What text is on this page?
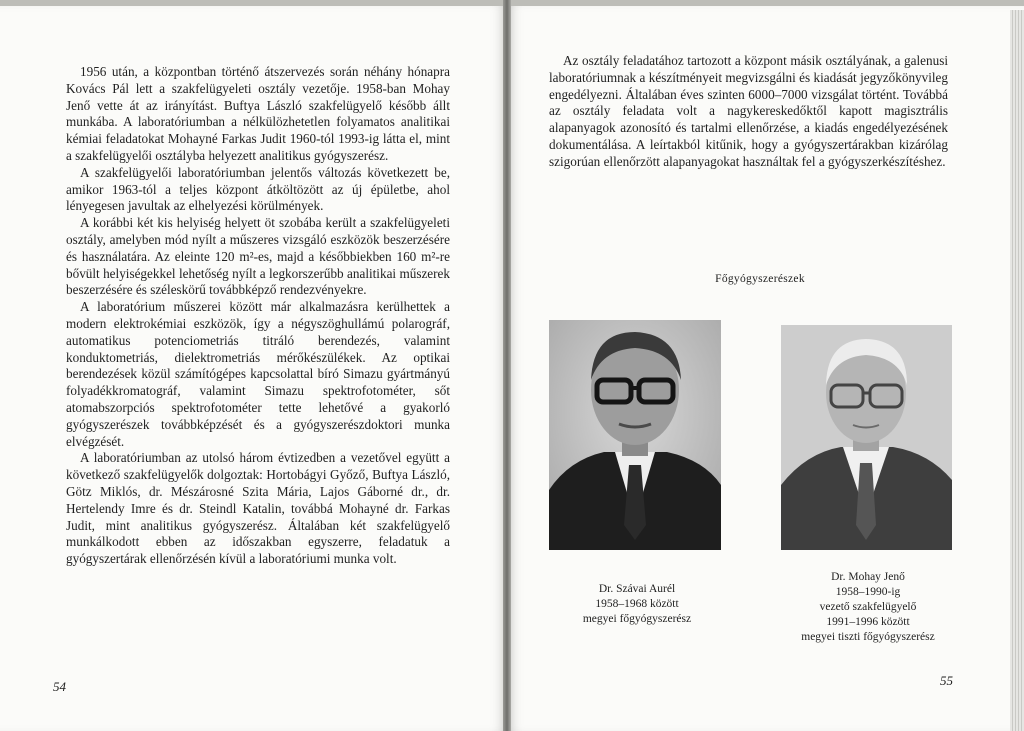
1956 után, a központban történő átszervezés során néhány hónapra Kovács Pál lett a szakfelügyeleti osztály vezetője. 1958-ban Mohay Jenő vette át az irányítást. Buftya László szakfelügyelő később állt munkába. A laboratóriumban a nélkülözhetetlen folyamatos analitikai kémiai feladatokat Mohayné Farkas Judit 1960-tól 1993-ig látta el, mint a szakfelügyelői osztályba helyezett analitikus gyógyszerész.

A szakfelügyelői laboratóriumban jelentős változás következett be, amikor 1963-tól a teljes központ átköltözött az új épületbe, ahol lényegesen javultak az elhelyezési körülmények.

A korábbi két kis helyiség helyett öt szobába került a szakfelügyeleti osztály, amelyben mód nyílt a műszeres vizsgáló eszközök beszerzésére és használatára. Az eleinte 120 m²-es, majd a későbbiekben 160 m²-re bővült helyiségekkel lehetőség nyílt a legkorszerűbb analitikai műszerek beszerzésére és széleskörű továbbképző rendezvényekre.

A laboratórium műszerei között már alkalmazásra kerülhettek a modern elektrokémiai eszközök, így a négyszöghullámú polarográf, automatikus potenciometriás titráló berendezés, valamint konduktometriás, dielektrometriás mérőkészülékek. Az optikai berendezések közül számítógépes kapcsolattal bíró Simazu gyártmányú folyadékkromatográf, valamint Simazu spektrofotométer, sőt atomabszorpciós spektrofotométer tette lehetővé a gyakorló gyógyszerészek továbbképzését és a gyógyszerészdoktori munka elvégzését.

A laboratóriumban az utolsó három évtizedben a vezetővel együtt a következő szakfelügyelők dolgoztak: Hortobágyi Győző, Buftya László, Götz Miklós, dr. Mészárosné Szita Mária, Lajos Gáborné dr., dr. Hertelendy Imre és dr. Steindl Katalin, továbbá Mohayné dr. Farkas Judit, mint analitikus gyógyszerész. Általában két szakfelügyelő munkálkodott ebben az időszakban egyszerre, feladatuk a gyógyszertárak ellenőrzésén kívül a laboratóriumi munka volt.

54

Az osztály feladatához tartozott a központ másik osztályának, a galenusi laboratóriumnak a készítményeit megvizsgálni és kiadását jegyzőkönyvileg engedélyezni. Általában éves szinten 6000–7000 vizsgálat történt. Továbbá az osztály feladata volt a nagykereskedőktől kapott magisztrális alapanyagok azonosító és tartalmi ellenőrzése, a kiadás engedélyezésének dokumentálása. A leírtakból kitűnik, hogy a gyógyszertárakban kizárólag szigorúan ellenőrzött alapanyagokat használtak fel a gyógyszerkészítéshez.

Főgyógyszerészek
Dr. Szávai Aurél
1958–1968 között
megyei főgyógyszerész
Dr. Mohay Jenő
1958–1990-ig
vezető szakfelügyelő
1991–1996 között
megyei tiszti főgyógyszerész
55
